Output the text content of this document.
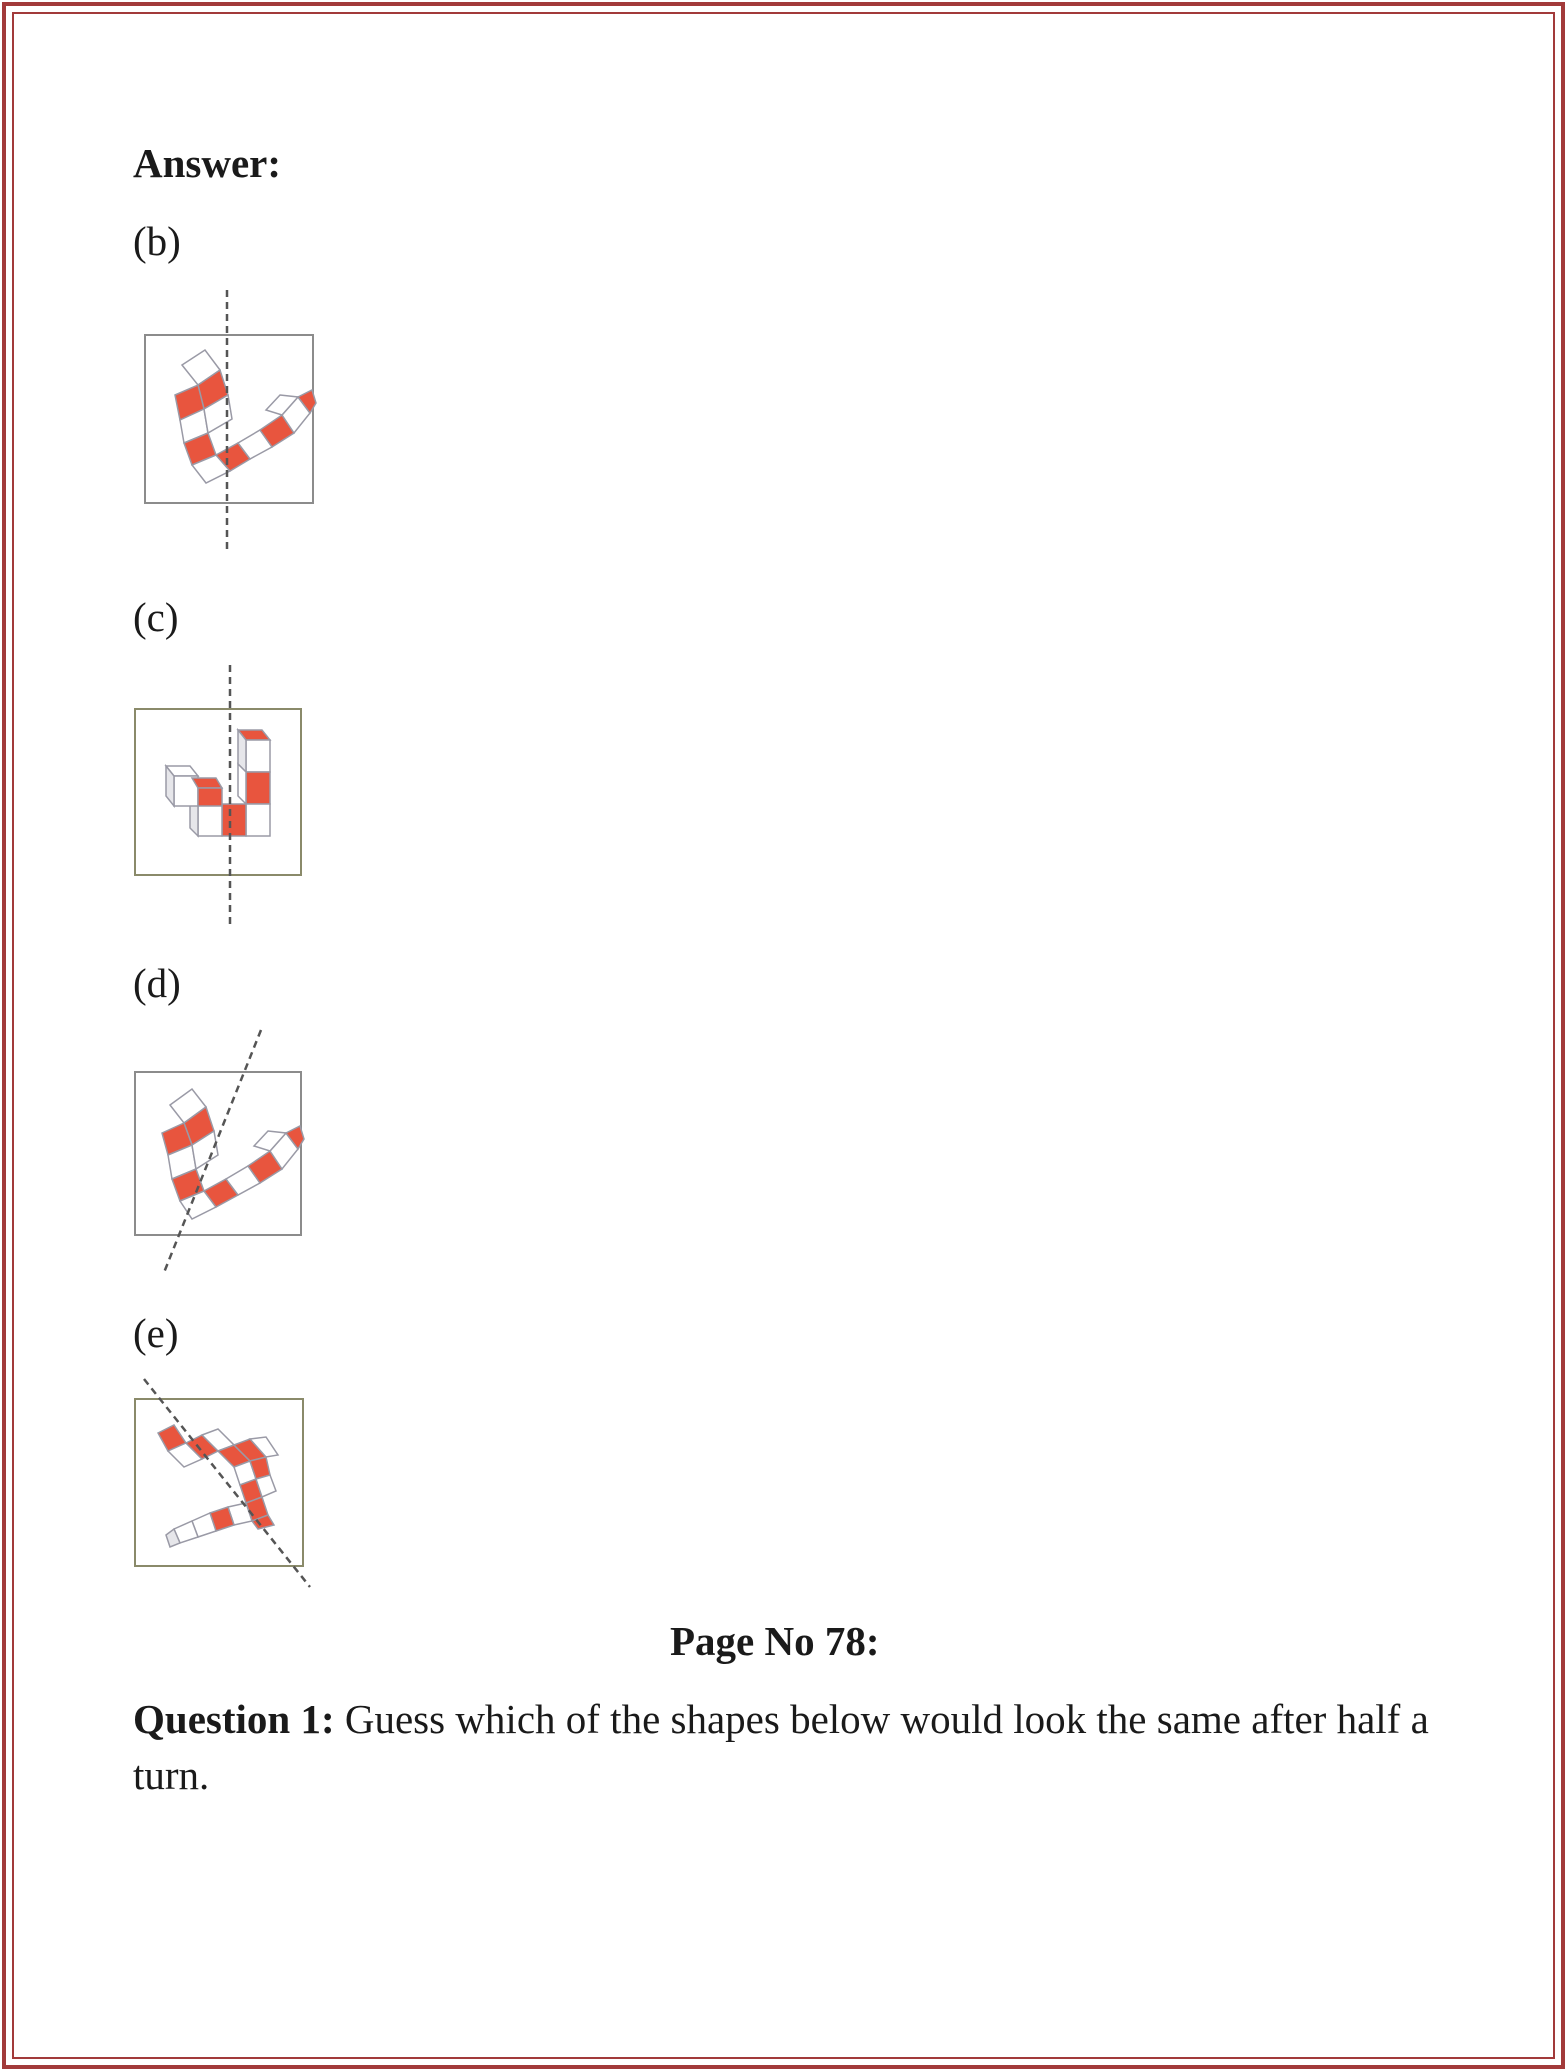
Answer:
(b)
(c)
(d)
(e)
Page No 78:
Question 1: Guess which of the shapes below would look the same after half a turn.
